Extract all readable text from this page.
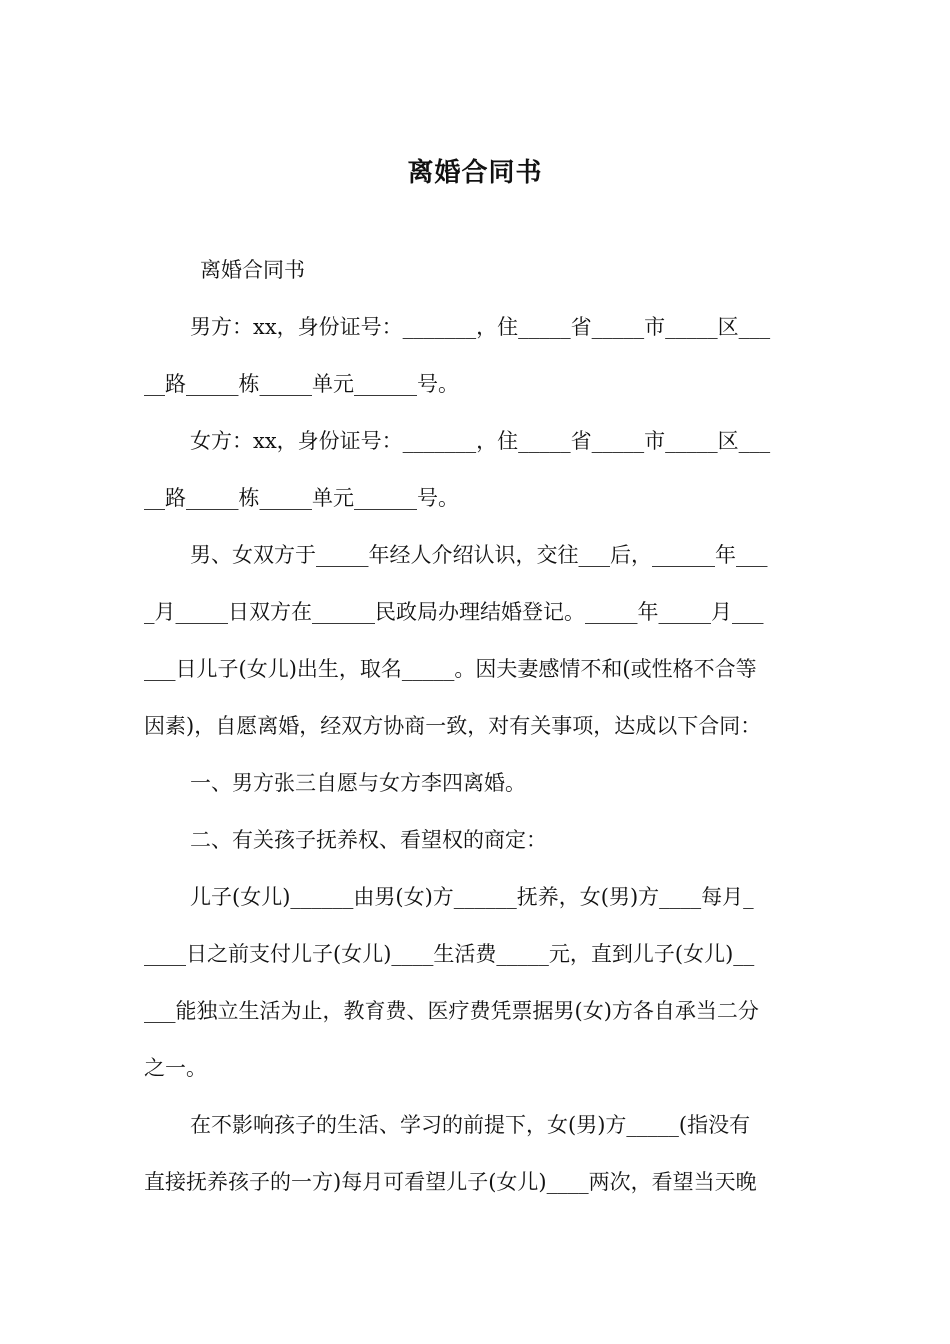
离婚合同书

离婚合同书

男方：xx，身份证号：_______，住_____省_____市_____区___

__路_____栋_____单元______号。

女方：xx，身份证号：_______，住_____省_____市_____区___

__路_____栋_____单元______号。

男、女双方于_____年经人介绍认识，交往___后，______年___

_月_____日双方在______民政局办理结婚登记。_____年_____月___

___日儿子(女儿)出生，取名_____。因夫妻感情不和(或性格不合等

因素)，自愿离婚，经双方协商一致，对有关事项，达成以下合同：

一、男方张三自愿与女方李四离婚。

二、有关孩子抚养权、看望权的商定：

儿子(女儿)______由男(女)方______抚养，女(男)方____每月_

____日之前支付儿子(女儿)____生活费_____元，直到儿子(女儿)__

___能独立生活为止，教育费、医疗费凭票据男(女)方各自承当二分

之一。

在不影响孩子的生活、学习的前提下，女(男)方_____(指没有

直接抚养孩子的一方)每月可看望儿子(女儿)____两次，看望当天晚
